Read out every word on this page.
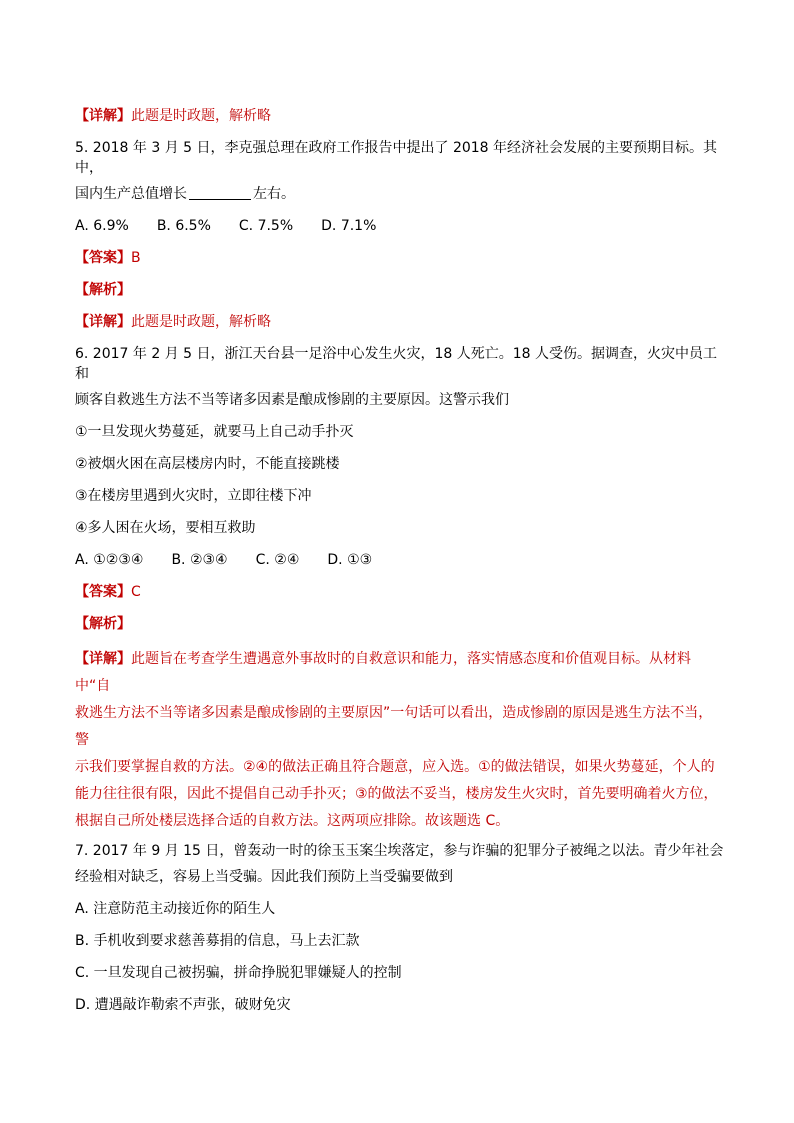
【详解】此题是时政题，解析略

5. 2018 年 3 月 5 日，李克强总理在政府工作报告中提出了 2018 年经济社会发展的主要预期目标。其中，

国内生产总值增长	左右。

A. 6.9% B. 6.5% C. 7.5% D. 7.1%

【答案】B

【解析】

【详解】此题是时政题，解析略

6. 2017 年 2 月 5 日，浙江天台县一足浴中心发生火灾，18 人死亡。18 人受伤。据调查，火灾中员工和

顾客自救逃生方法不当等诸多因素是酿成惨剧的主要原因。这警示我们

①一旦发现火势蔓延，就要马上自己动手扑灭

②被烟火困在高层楼房内时，不能直接跳楼

③在楼房里遇到火灾时，立即往楼下冲

④多人困在火场，要相互救助

A. ①②③④ B. ②③④ C. ②④ D. ①③

【答案】C

【解析】

【详解】此题旨在考查学生遭遇意外事故时的自救意识和能力，落实情感态度和价值观目标。从材料中“自
救逃生方法不当等诸多因素是酿成惨剧的主要原因”一句话可以看出，造成惨剧的原因是逃生方法不当，警
示我们要掌握自救的方法。②④的做法正确且符合题意，应入选。①的做法错误，如果火势蔓延，个人的
能力往往很有限，因此不提倡自己动手扑灭；③的做法不妥当，楼房发生火灾时，首先要明确着火方位，
根据自己所处楼层选择合适的自救方法。这两项应排除。故该题选 C。

7. 2017 年 9 月 15 日，曾轰动一时的徐玉玉案尘埃落定，参与诈骗的犯罪分子被绳之以法。青少年社会

经验相对缺乏，容易上当受骗。因此我们预防上当受骗要做到

A. 注意防范主动接近你的陌生人

B. 手机收到要求慈善募捐的信息，马上去汇款

C. 一旦发现自己被拐骗，拼命挣脱犯罪嫌疑人的控制

D. 遭遇敲诈勒索不声张，破财免灾
